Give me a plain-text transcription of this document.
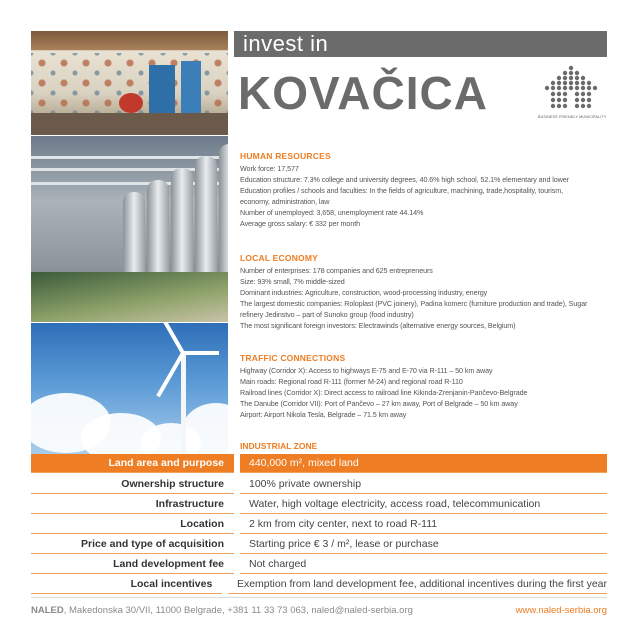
invest in
KOVAČICA	BUSINESS FRIENDLY MUNICIPALITY
HUMAN RESOURCES
Work force: 17,577
Education structure: 7.3% college and university degrees, 40.6% high school, 52.1% elementary and lower
Education profiles / schools and faculties: In the fields of agriculture, machining, trade,hospitality, tourism,
economy, administration, law
Number of unemployed: 3,658, unemployment rate 44.14%
Average gross salary: € 332 per month
LOCAL ECONOMY
Number of enterprises: 178 companies and 625 entrepreneurs
Size: 93% small, 7% middle-sized
Dominant industries: Agriculture, construction, wood-processing industry, energy
The largest domestic companies: Roloplast (PVC joinery), Padina komerc (furniture production and trade), Sugar
refinery Jedinstvo – part of Sunoko group (food industry)
The most significant foreign investors: Electrawinds (alternative energy sources, Belgium)
TRAFFIC CONNECTIONS
Highway (Corridor X): Access to highways E-75 and E-70 via R-111 – 50 km away
Main roads: Regional road R-111 (former M-24) and regional road R-110
Railroad lines (Corridor X): Direct access to railroad line Kikinda-Zrenjanin-Pančevo-Belgrade
The Danube (Corridor VII): Port of Pančevo – 27 km away, Port of Belgrade – 50 km away
Airport: Airport Nikola Tesla, Belgrade – 71.5 km away
INDUSTRIAL ZONE
Land area and purpose	440,000 m², mixed land
Ownership structure	100% private ownership
Infrastructure	Water, high voltage electricity, access road, telecommunication
Location	2 km from city center, next to road R-111
Price and type of acquisition	Starting price € 3 / m², lease or purchase
Land development fee	Not charged
Local incentives	Exemption from land development fee, additional incentives during the first year
NALED, Makedonska 30/VII, 11000 Belgrade, +381 11 33 73 063, naled@naled-serbia.org	www.naled-serbia.org
